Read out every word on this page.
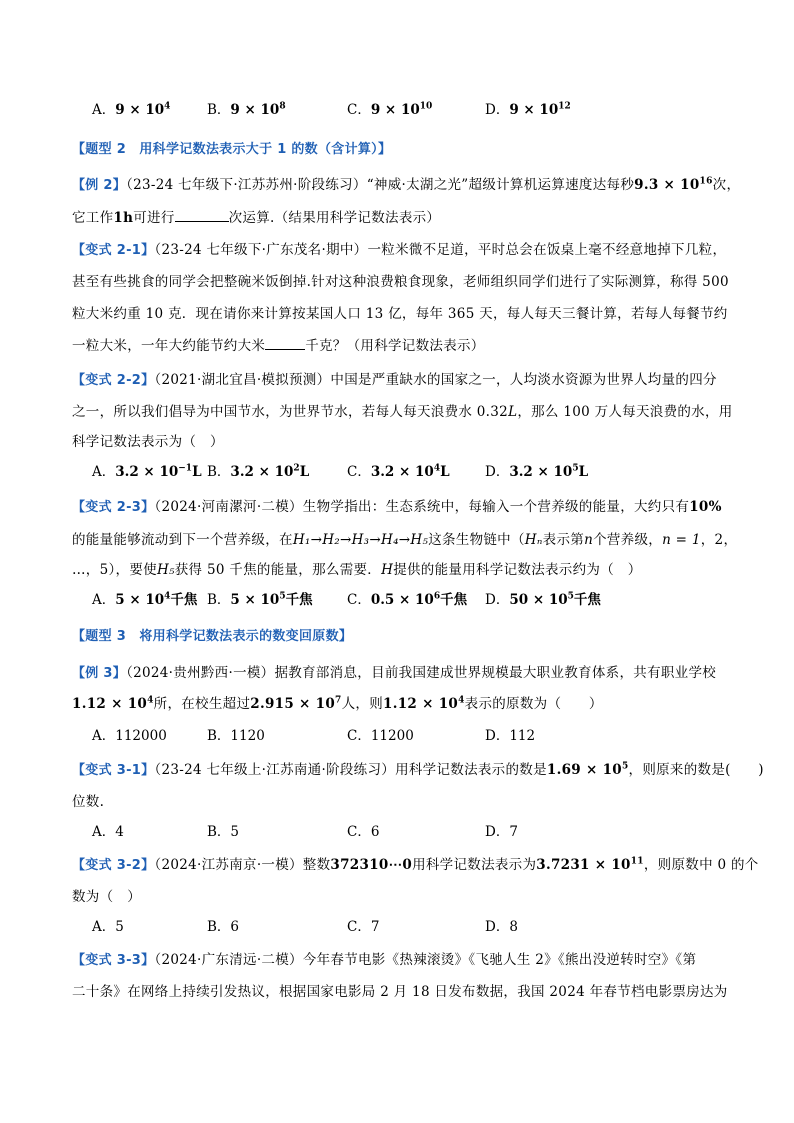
A．$9 \times 10^4$	B．$9 \times 10^8$	C．$9 \times 10^{10}$	D．$9 \times 10^{12}$
【题型 2　用科学记数法表示大于 1 的数（含计算）】
【例 2】（23-24 七年级下·江苏苏州·阶段练习）“神威·太湖之光”超级计算机运算速度达每秒$9.3 \times 10^{16}$次，
它工作1h可进行	次运算.（结果用科学记数法表示）
【变式 2-1】（23-24 七年级下·广东茂名·期中）一粒米微不足道，平时总会在饭桌上毫不经意地掉下几粒，
甚至有些挑食的同学会把整碗米饭倒掉.针对这种浪费粮食现象，老师组织同学们进行了实际测算，称得 500
粒大米约重 10 克．现在请你来计算按某国人口 13 亿，每年 365 天，每人每天三餐计算，若每人每餐节约
一粒大米，一年大约能节约大米	千克？（用科学记数法表示）
【变式 2-2】（2021·湖北宜昌·模拟预测）中国是严重缺水的国家之一，人均淡水资源为世界人均量的四分
之一，所以我们倡导为中国节水，为世界节水，若每人每天浪费水 0.32L，那么 100 万人每天浪费的水，用
科学记数法表示为（　）
A．$3.2 \times 10^{-1}L$ B．$3.2 \times 10^2L$	C．$3.2 \times 10^4L$	D．$3.2 \times 10^5L$
【变式 2-3】（2024·河南漯河·二模）生物学指出：生态系统中，每输入一个营养级的能量，大约只有10%
的能量能够流动到下一个营养级，在H₁→H₂→H₃→H₄→H₅这条生物链中（Hₙ表示第n个营养级，n = 1，2，
…，5），要使H₅获得 50 千焦的能量，那么需要．H提供的能量用科学记数法表示约为（　）
A．$5 \times 10^4$千焦 B．$5 \times 10^5$千焦	C．$0.5 \times 10^6$千焦 D．$50 \times 10^5$千焦
【题型 3　将用科学记数法表示的数变回原数】
【例 3】（2024·贵州黔西·一模）据教育部消息，目前我国建成世界规模最大职业教育体系，共有职业学校
$1.12 \times 10^4$所，在校生超过$2.915 \times 10^7$人，则$1.12 \times 10^4$表示的原数为（　　）
A．112000	B．1120	C．11200	D．112
【变式 3-1】（23-24 七年级上·江苏南通·阶段练习）用科学记数法表示的数是$1.69 \times 10^5$，则原来的数是(　　)
位数.
A．4	B．5	C．6	D．7
【变式 3-2】（2024·江苏南京·一模）整数372310⋯0用科学记数法表示为$3.7231 \times 10^{11}$，则原数中 0 的个
数为（　）
A．5	B．6	C．7	D．8
【变式 3-3】（2024·广东清远·二模）今年春节电影《热辣滚烫》《飞驰人生 2》《熊出没逆转时空》《第
二十条》在网络上持续引发热议，根据国家电影局 2 月 18 日发布数据，我国 2024 年春节档电影票房达为
